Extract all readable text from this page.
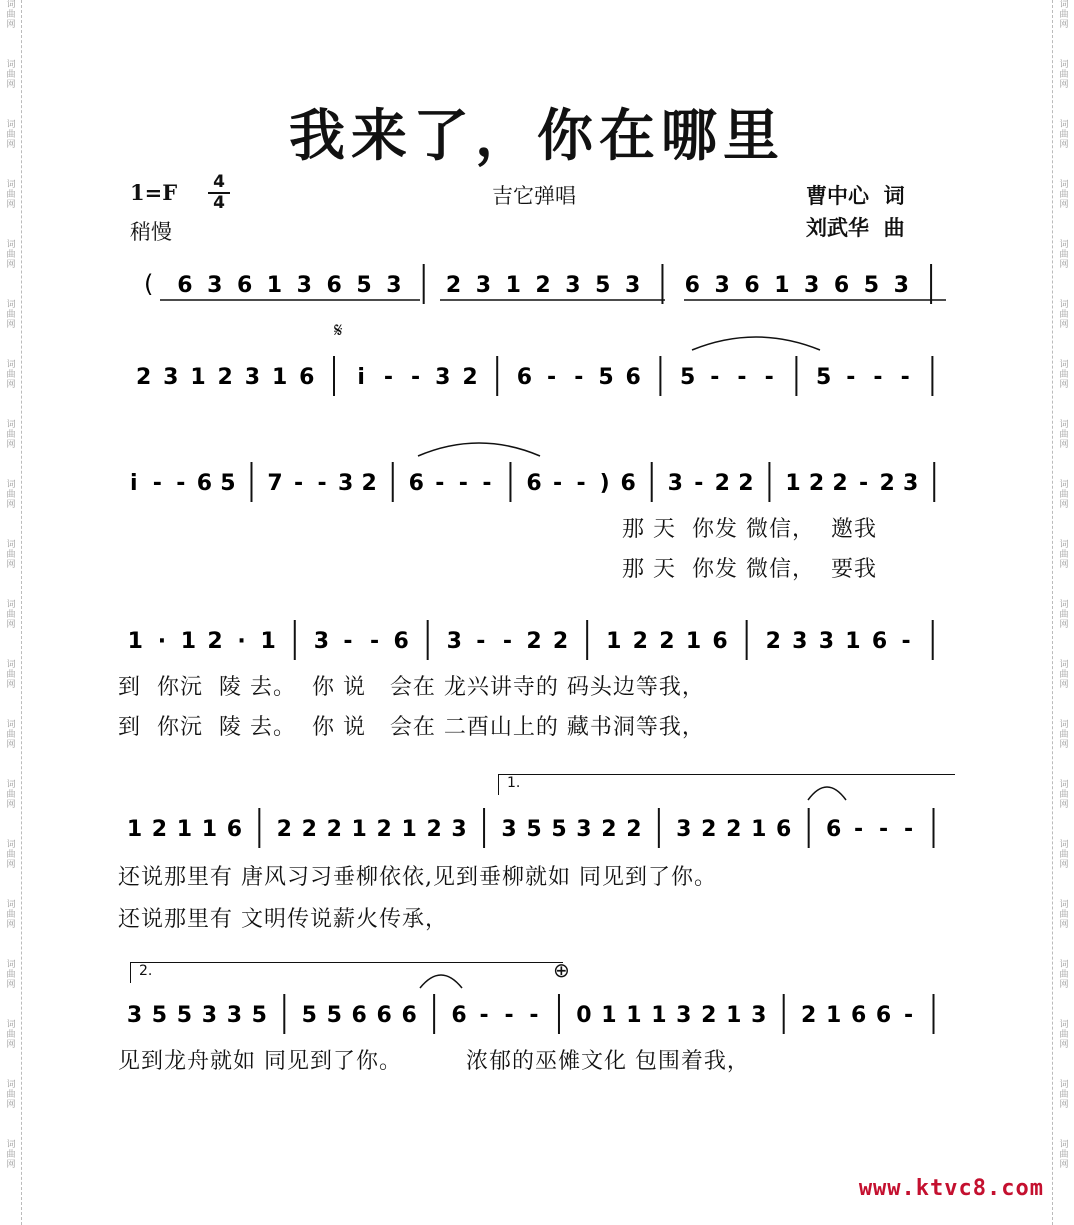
词
曲
网
词
曲
网
词
曲
网
词
曲
网
词
曲
网
词
曲
网
词
曲
网
词
曲
网
词
曲
网
词
曲
网
词
曲
网
词
曲
网
词
曲
网
词
曲
网
词
曲
网
词
曲
网
词
曲
网
词
曲
网
词
曲
网
词
曲
网
词
曲
网
词
曲
网
词
曲
网
词
曲
网
词
曲
网
词
曲
网
词
曲
网
词
曲
网
词
曲
网
词
曲
网
词
曲
网
词
曲
网
词
曲
网
词
曲
网
词
曲
网
词
曲
网
词
曲
网
词
曲
网
词
曲
网
词
曲
网
我来了，你在哪里
1=F 4
4
稍慢
吉它弹唱	曹中心  词
刘武华  曲
𝄋
( 6 3 6 1 3 6 5 3 2 3 1 2 3 5 3 6 3 6 1 3 6 5 3
2 3 1 2 3 1 6 i - - 3 2 6 - - 5 6 5 - - - 5 - - -
i - - 6 5 7 - - 3 2 6 - - - 6 - - ) 6 3 - 2 2 1 2 2 - 2 3
1 · 1 2 · 1 3 - - 6 3 - - 2 2 1 2 2 1 6 2 3 3 1 6 -
1 2 1 1 6 2 2 2 1 2 1 2 3 3 5 5 3 2 2 3 2 2 1 6 6 - - -
3 5 5 3 3 5 5 5 6 6 6 6 - - - 0 1 1 1 3 2 1 3 2 1 6 6 -
那 天  你发 微信，  邀我
那 天  你发 微信，  要我
到  你沅  陵 去。  你 说   会在 龙兴讲寺的 码头边等我，
到  你沅  陵 去。  你 说   会在 二酉山上的 藏书洞等我，
还说那里有 唐风习习垂柳依依,见到垂柳就如 同见到了你。
还说那里有 文明传说薪火传承，
见到龙舟就如 同见到了你。        浓郁的巫傩文化 包围着我，
1.
2.	⊕
www.ktvc8.com
